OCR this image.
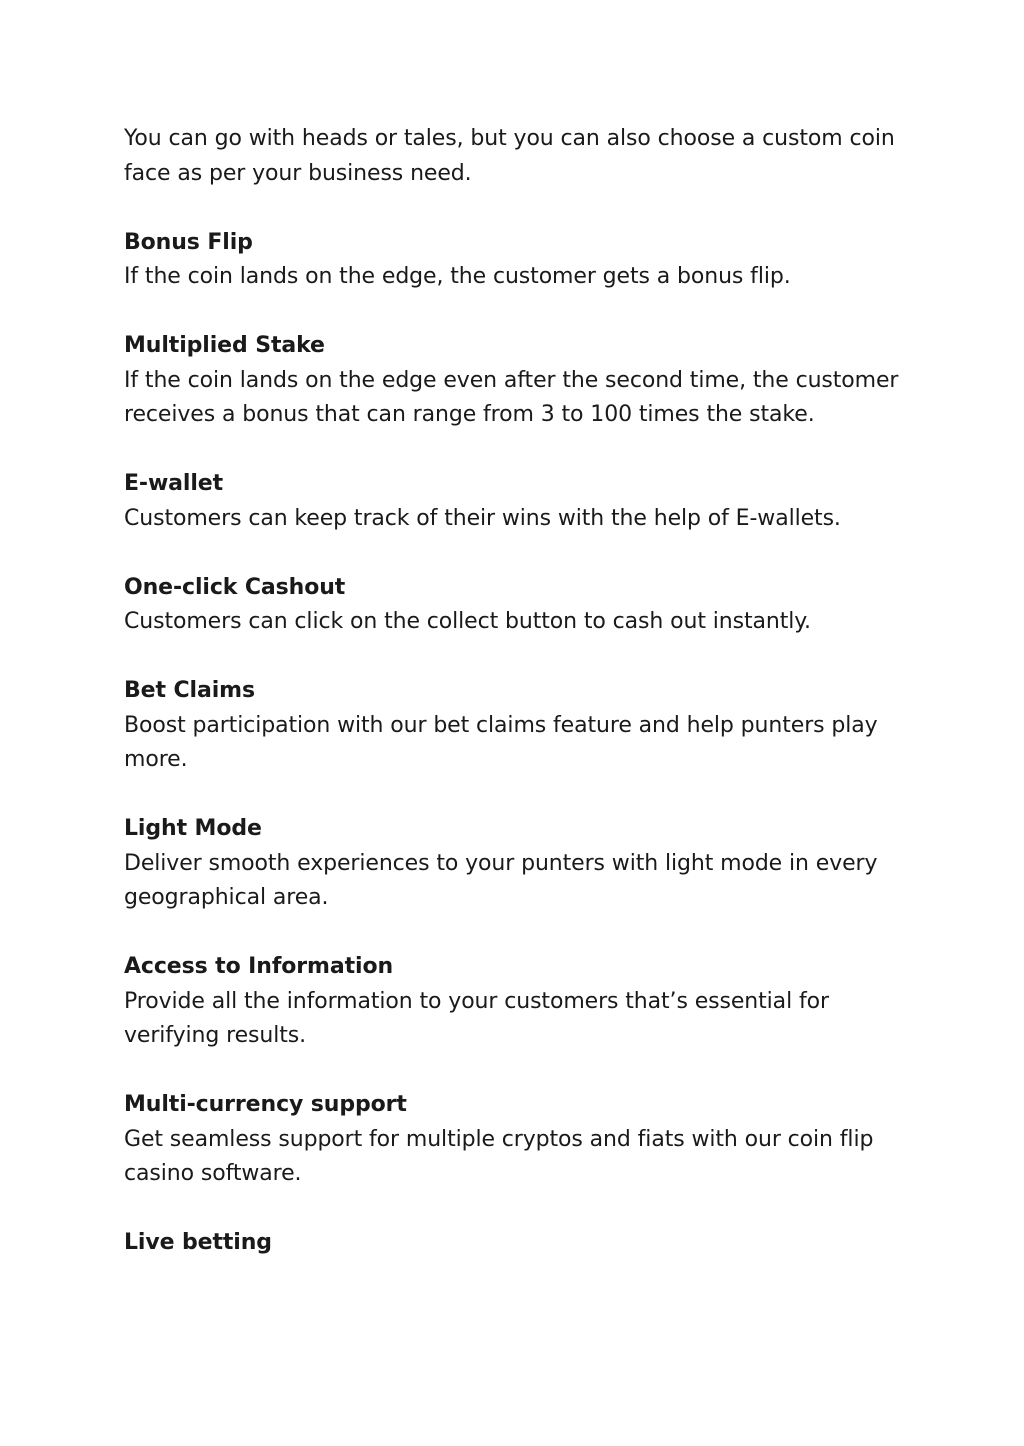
You can go with heads or tales, but you can also choose a custom coin face as per your business need.

Bonus Flip

If the coin lands on the edge, the customer gets a bonus flip.

Multiplied Stake

If the coin lands on the edge even after the second time, the customer receives a bonus that can range from 3 to 100 times the stake.

E-wallet

Customers can keep track of their wins with the help of E-wallets.

One-click Cashout

Customers can click on the collect button to cash out instantly.

Bet Claims

Boost participation with our bet claims feature and help punters play more.

Light Mode

Deliver smooth experiences to your punters with light mode in every geographical area.

Access to Information

Provide all the information to your customers that’s essential for verifying results.

Multi-currency support

Get seamless support for multiple cryptos and fiats with our coin flip casino software.

Live betting
